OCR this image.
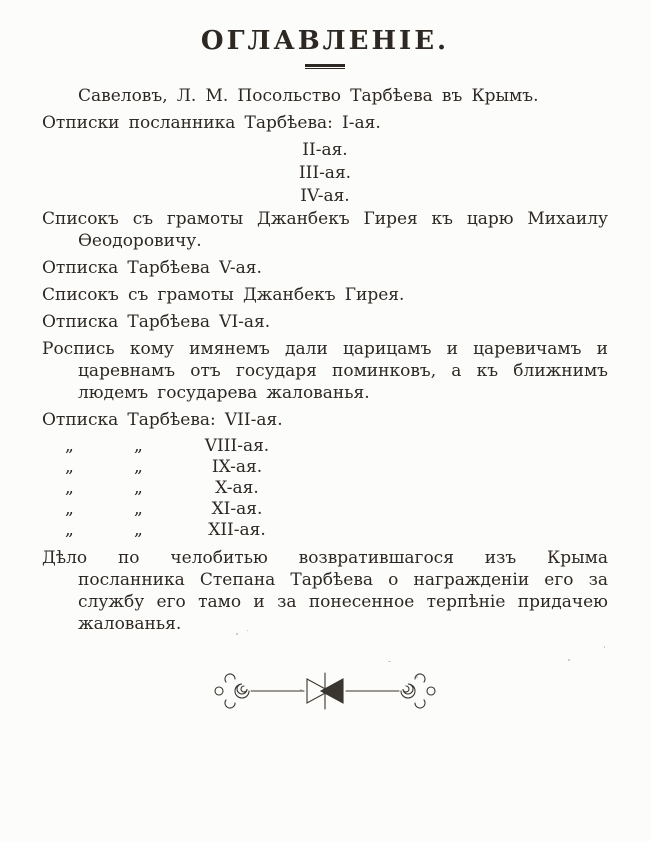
ОГЛАВЛЕНІЕ.

Савеловъ, Л. М. Посольство Тарбѣева въ Крымъ.

Отписки посланника Тарбѣева: I-ая.

II-ая.

III-ая.

IV-ая.

Списокъ съ грамоты Джанбекъ Гирея къ царю Михаилу Ѳеодоровичу.

Отписка Тарбѣева V-ая.

Списокъ съ грамоты Джанбекъ Гирея.

Отписка Тарбѣева VI-ая.

Роспись кому имянемъ дали царицамъ и царевичамъ и царевнамъ отъ государя поминковъ, а къ ближнимъ людемъ государева жалованья.

Отписка Тарбѣева: VII-ая.

„	„	VIII-ая.

„	„	IX-ая.

„	„	X-ая.

„	„	XI-ая.

„	„	XII-ая.

Дѣло по челобитью возвратившагося изъ Крыма посланника Степана Тарбѣева о награжденіи его за службу его тамо и за понесенное терпѣніе придачею жалованья.
